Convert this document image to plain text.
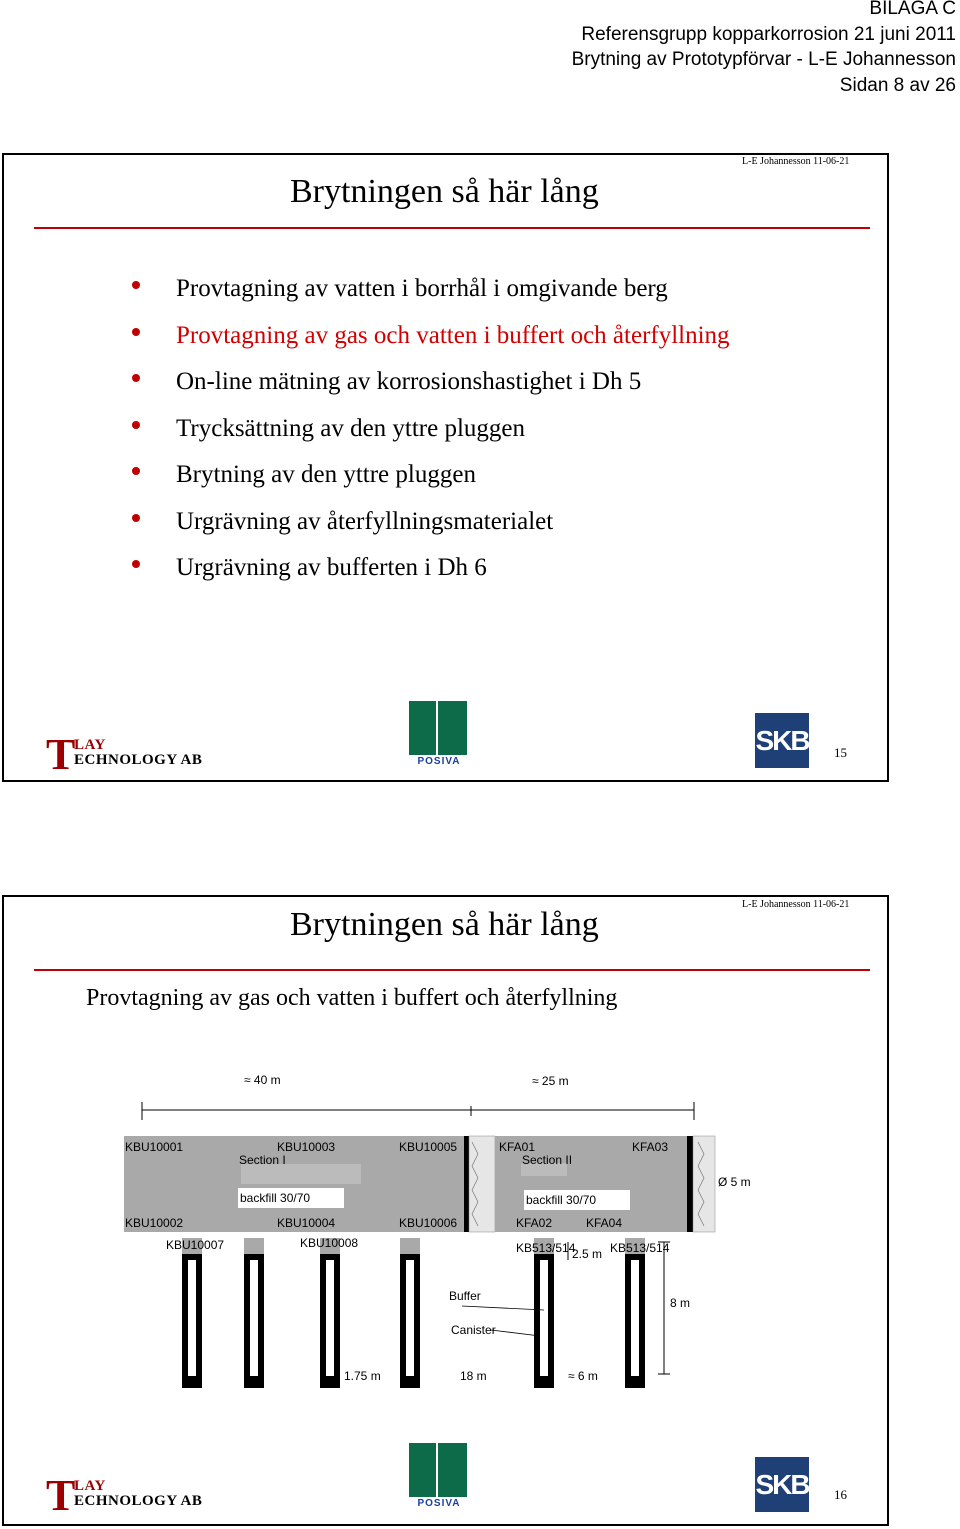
BILAGA C
Referensgrupp kopparkorrosion 21 juni 2011
Brytning av Prototypförvar - L-E Johannesson
Sidan 8 av 26
Brytningen så här lång
L-E Johannesson 11-06-21
Provtagning av vatten i borrhål i omgivande berg
Provtagning av gas och vatten i buffert och återfyllning
On-line mätning av korrosionshastighet i Dh 5
Trycksättning av den yttre pluggen
Brytning av den yttre pluggen
Urgrävning av återfyllningsmaterialet
Urgrävning av bufferten i Dh 6
T
LAY
ECHNOLOGY AB	POSIVA
SKB 15
Brytningen så här lång
L-E Johannesson 11-06-21
Provtagning av gas och vatten i buffert och återfyllning
≈ 40 m	≈ 25 m
Section I	Section II
backfill 30/70	backfill 30/70
KBU10001	KBU10003	KBU10005	KFA01	KFA03
KBU10002	KBU10004	KBU10006	KFA02	KFA04
Ø 5 m
KBU10007	KBU10008	KB513/514	KB513/514
2.5 m
8 m
Buffer
Canister
1.75 m	18 m	≈ 6 m
T
LAY
ECHNOLOGY AB	POSIVA
SKB 16
